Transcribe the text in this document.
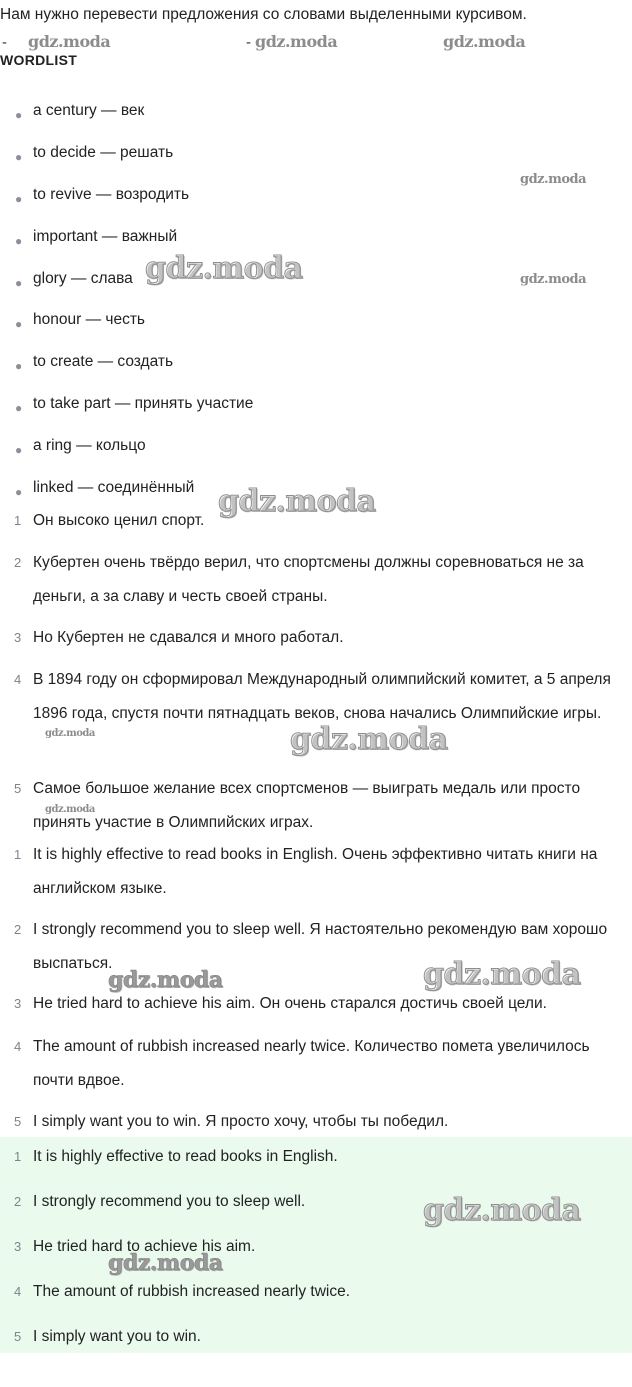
Нам нужно перевести предложения со словами выделенными курсивом.
-	-
WORDLIST
● a century — век
● to decide — решать
● to revive — возродить
● important — важный
● glory — слава
● honour — честь
● to create — создать
● to take part — принять участие
● a ring — кольцо
● linked — соединённый
1 Он высоко ценил спорт.
2 Кубертен очень твёрдо верил, что спортсмены должны соревноваться не за деньги, а за славу и честь своей страны.
3 Но Кубертен не сдавался и много работал.
4 В 1894 году он сформировал Международный олимпийский комитет, а 5 апреля 1896 года, спустя почти пятнадцать веков, снова начались Олимпийские игры.
5 Самое большое желание всех спортсменов — выиграть медаль или просто принять участие в Олимпийских играх.
1 It is highly effective to read books in English. Очень эффективно читать книги на английском языке.
2 I strongly recommend you to sleep well. Я настоятельно рекомендую вам хорошо выспаться.
3 He tried hard to achieve his aim. Он очень старался достичь своей цели.
4 The amount of rubbish increased nearly twice. Количество помета увеличилось почти вдвое.
5 I simply want you to win. Я просто хочу, чтобы ты победил.
1 It is highly effective to read books in English.
2 I strongly recommend you to sleep well.
3 He tried hard to achieve his aim.
4 The amount of rubbish increased nearly twice.
5 I simply want you to win.
gdz.moda	gdz.moda	gdz.moda
gdz.moda
gdz.moda
gdz.moda
gdz.moda
gdz.moda
gdz.moda
gdz.moda
gdz.moda	gdz.moda
gdz.moda
